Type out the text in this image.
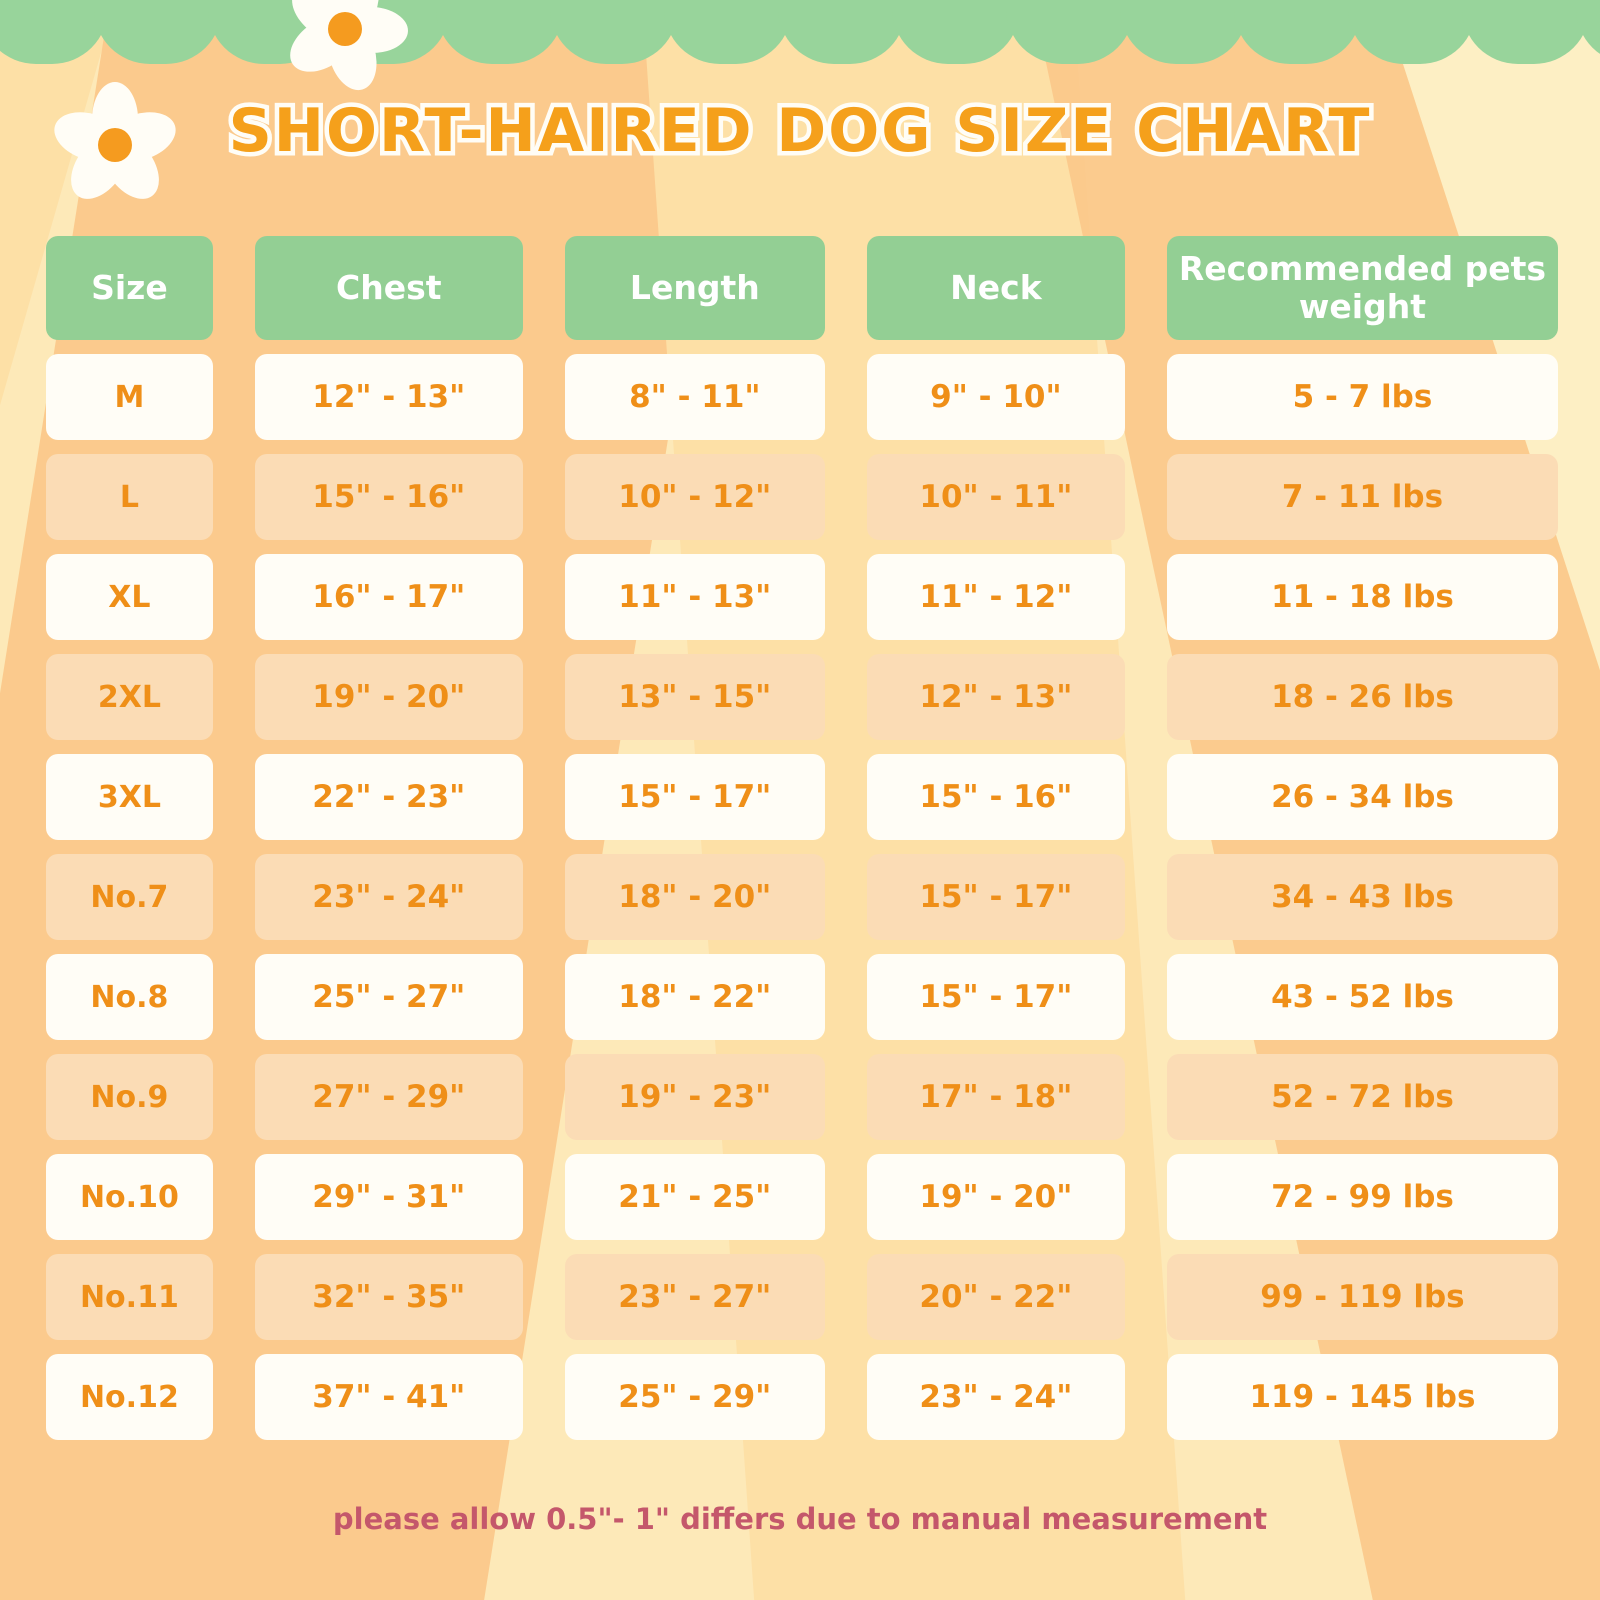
SHORT-HAIRED DOG SIZE CHART
Size	Chest	Length	Neck	Recommended pets weight
M	12" - 13"	8" - 11"	9" - 10"	5 - 7 lbs
L	15" - 16"	10" - 12"	10" - 11"	7 - 11 lbs
XL	16" - 17"	11" - 13"	11" - 12"	11 - 18 lbs
2XL	19" - 20"	13" - 15"	12" - 13"	18 - 26 lbs
3XL	22" - 23"	15" - 17"	15" - 16"	26 - 34 lbs
No.7	23" - 24"	18" - 20"	15" - 17"	34 - 43 lbs
No.8	25" - 27"	18" - 22"	15" - 17"	43 - 52 lbs
No.9	27" - 29"	19" - 23"	17" - 18"	52 - 72 lbs
No.10	29" - 31"	21" - 25"	19" - 20"	72 - 99 lbs
No.11	32" - 35"	23" - 27"	20" - 22"	99 - 119 lbs
No.12	37" - 41"	25" - 29"	23" - 24"	119 - 145 lbs
please allow 0.5"- 1" differs due to manual measurement
